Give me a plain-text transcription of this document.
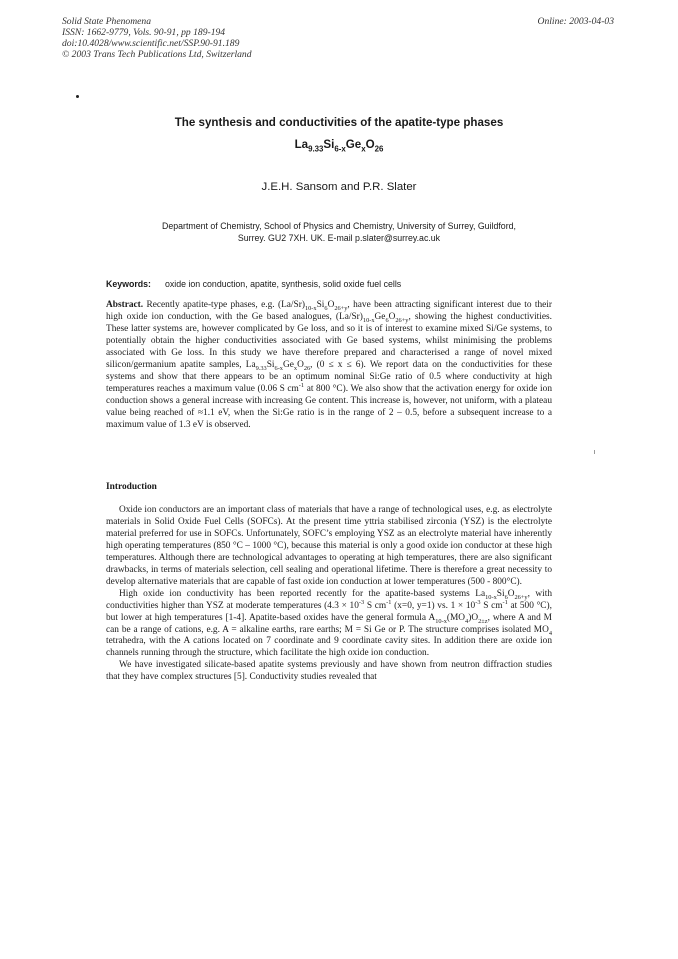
Solid State Phenomena
ISSN: 1662-9779, Vols. 90-91, pp 189-194
doi:10.4028/www.scientific.net/SSP.90-91.189
© 2003 Trans Tech Publications Ltd, Switzerland
Online: 2003-04-03
The synthesis and conductivities of the apatite-type phases
$La_{9.33}Si_{6-x}Ge_xO_{26}$
J.E.H. Sansom and P.R. Slater
Department of Chemistry, School of Physics and Chemistry, University of Surrey, Guildford,
Surrey. GU2 7XH. UK. E-mail p.slater@surrey.ac.uk
Keywords: oxide ion conduction, apatite, synthesis, solid oxide fuel cells

Abstract. Recently apatite-type phases, e.g. $(La/Sr)_{10-x}Si_6O_{26+y}$, have been attracting significant interest due to their high oxide ion conduction, with the Ge based analogues, $(La/Sr)_{10-x}Ge_6O_{26+y}$, showing the highest conductivities. These latter systems are, however complicated by Ge loss, and so it is of interest to examine mixed Si/Ge systems, to potentially obtain the higher conductivities associated with Ge based systems, whilst minimising the problems associated with Ge loss. In this study we have therefore prepared and characterised a range of novel mixed silicon/germanium apatite samples, $La_{9.33}Si_{6-x}Ge_xO_{26}$, (0 ≤ x ≤ 6). We report data on the conductivities for these systems and show that there appears to be an optimum nominal Si:Ge ratio of 0.5 where conductivity at high temperatures reaches a maximum value (0.06 S $cm^{-1}$ at 800 °C). We also show that the activation energy for oxide ion conduction shows a general increase with increasing Ge content. This increase is, however, not uniform, with a plateau value being reached of ≈1.1 eV, when the Si:Ge ratio is in the range of 2 – 0.5, before a subsequent increase to a maximum value of 1.3 eV is observed.

Introduction

Oxide ion conductors are an important class of materials that have a range of technological uses, e.g. as electrolyte materials in Solid Oxide Fuel Cells (SOFCs). At the present time yttria stabilised zirconia (YSZ) is the electrolyte material preferred for use in SOFCs. Unfortunately, SOFC’s employing YSZ as an electrolyte material have inherently high operating temperatures (850 °C – 1000 °C), because this material is only a good oxide ion conductor at these high temperatures. Although there are technological advantages to operating at high temperatures, there are also significant drawbacks, in terms of materials selection, cell sealing and operational lifetime. There is therefore a great necessity to develop alternative materials that are capable of fast oxide ion conduction at lower temperatures (500 - 800°C).

High oxide ion conductivity has been reported recently for the apatite-based systems $La_{10-x}Si_6O_{26+y}$, with conductivities higher than YSZ at moderate temperatures ($4.3 \times 10^{-3}$ S $cm^{-1}$ (x=0, y=1) vs. $1 \times 10^{-3}$ S $cm^{-1}$ at 500 °C), but lower at high temperatures [1-4]. Apatite-based oxides have the general formula $A_{10-x}(MO_4)O_{2\pm z}$, where A and M can be a range of cations, e.g. A = alkaline earths, rare earths; M = Si Ge or P. The structure comprises isolated $MO_4$ tetrahedra, with the A cations located on 7 coordinate and 9 coordinate cavity sites. In addition there are oxide ion channels running through the structure, which facilitate the high oxide ion conduction.

We have investigated silicate-based apatite systems previously and have shown from neutron diffraction studies that they have complex structures [5]. Conductivity studies revealed that
